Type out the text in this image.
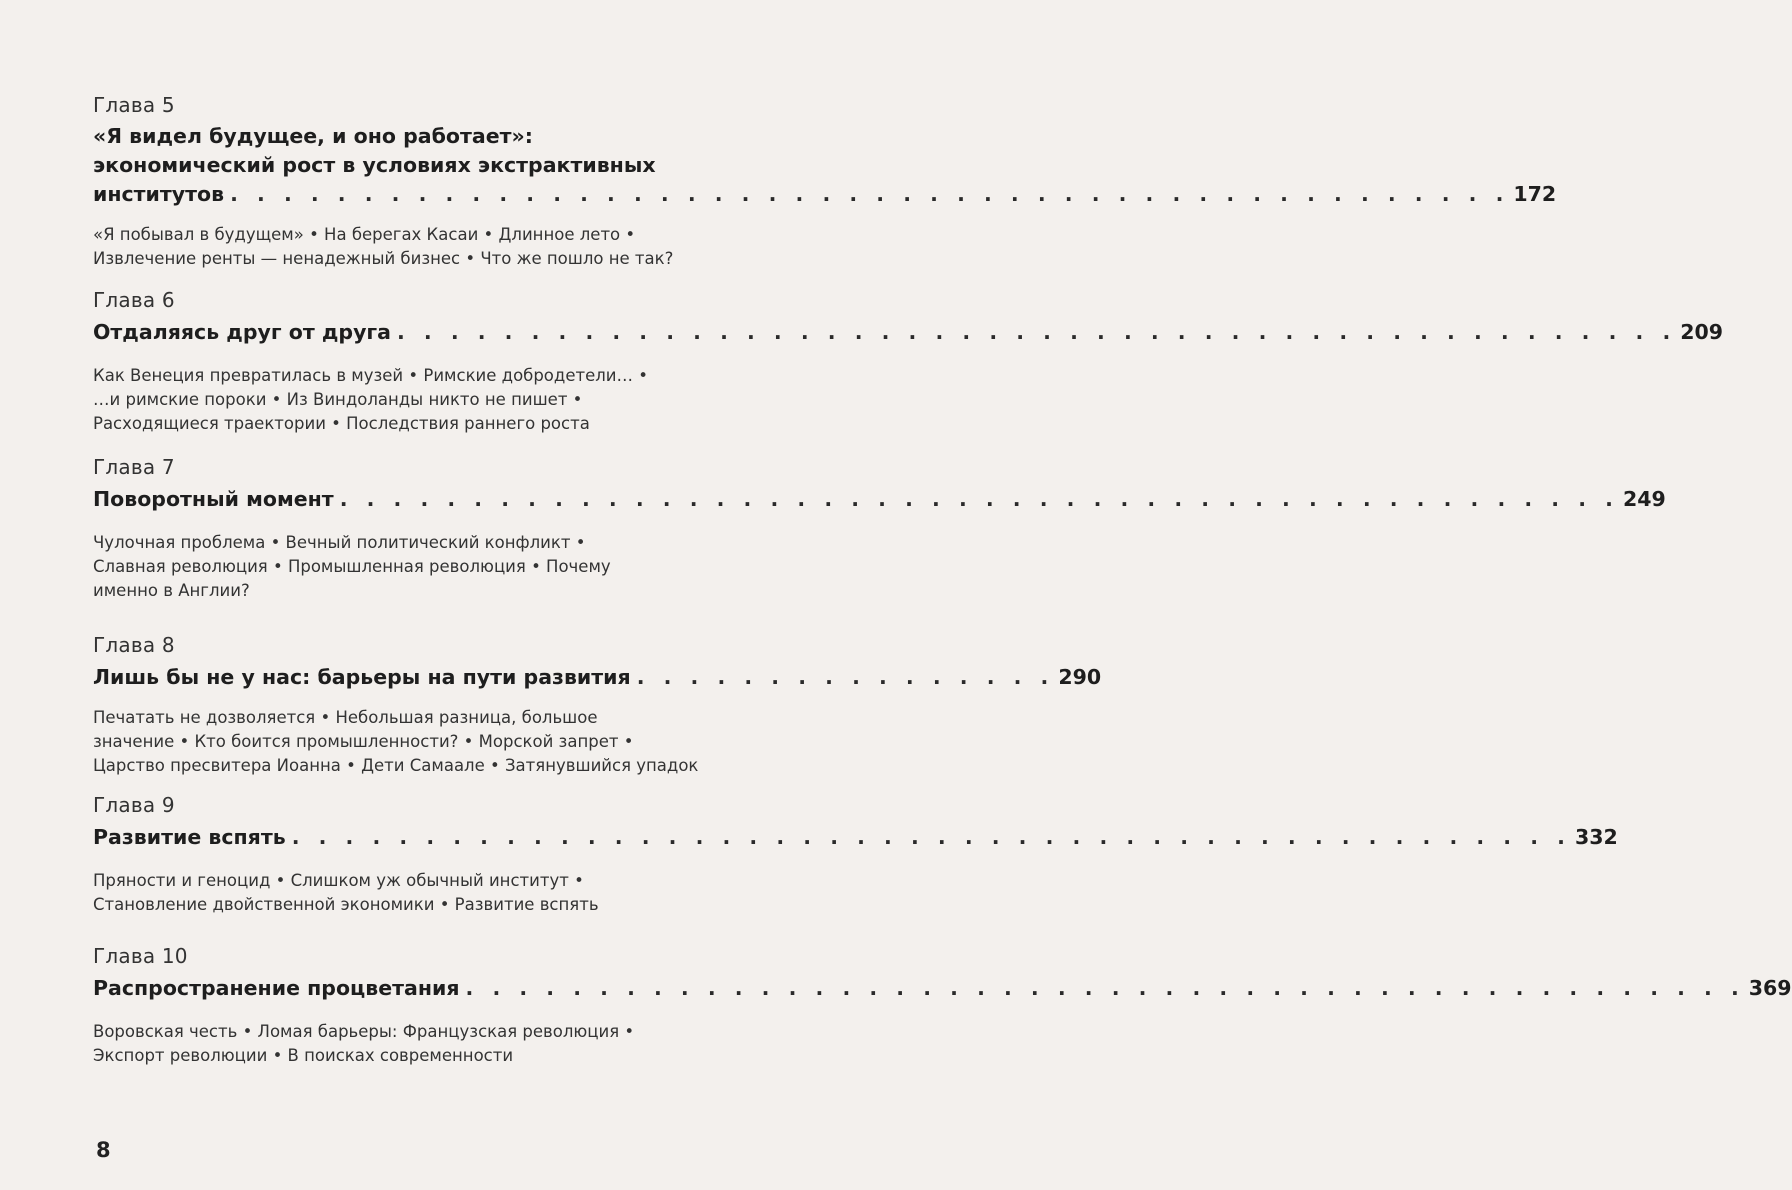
Глава 5
«Я видел будущее, и оно работает»:
экономический рост в условиях экстрактивных
институтов . . . . . . . . . . . . . . . . . . . . . . . . . . . . . . . . . . . . . . . . . . . . . . . . 172
«Я побывал в будущем» • На берегах Касаи • Длинное лето •
Извлечение ренты — ненадежный бизнес • Что же пошло не так?
Глава 6
Отдаляясь друг от друга . . . . . . . . . . . . . . . . . . . . . . . . . . . . . . . . . . . . . . . . . . . . . . . . 209
Как Венеция превратилась в музей • Римские добродетели… •
…и римские пороки • Из Виндоланды никто не пишет •
Расходящиеся траектории • Последствия раннего роста
Глава 7
Поворотный момент . . . . . . . . . . . . . . . . . . . . . . . . . . . . . . . . . . . . . . . . . . . . . . . . 249
Чулочная проблема • Вечный политический конфликт •
Славная революция • Промышленная революция • Почему
именно в Англии?
Глава 8
Лишь бы не у нас: барьеры на пути развития . . . . . . . . . . . . . . . . 290
Печатать не дозволяется • Небольшая разница, большое
значение • Кто боится промышленности? • Морской запрет •
Царство пресвитера Иоанна • Дети Самаале • Затянувшийся упадок
Глава 9
Развитие вспять . . . . . . . . . . . . . . . . . . . . . . . . . . . . . . . . . . . . . . . . . . . . . . . . 332
Пряности и геноцид • Слишком уж обычный институт •
Становление двойственной экономики • Развитие вспять
Глава 10
Распространение процветания . . . . . . . . . . . . . . . . . . . . . . . . . . . . . . . . . . . . . . . . . . . . . . . . 369
Воровская честь • Ломая барьеры: Французская революция •
Экспорт революции • В поисках современности
8
